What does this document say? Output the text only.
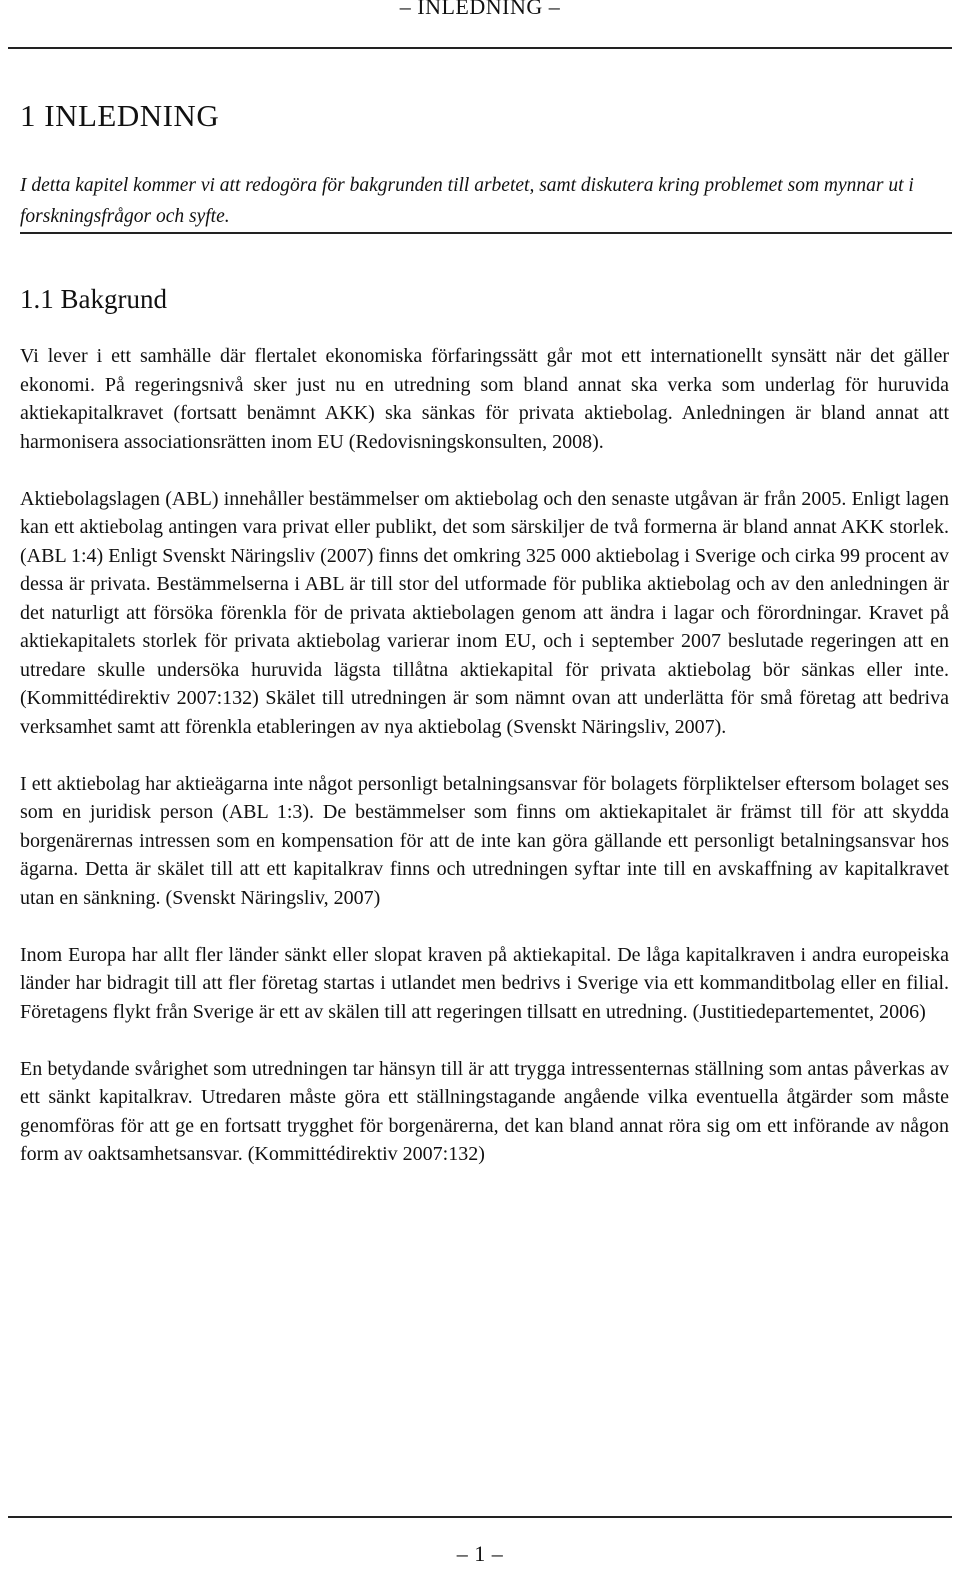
– INLEDNING –
1 INLEDNING

I detta kapitel kommer vi att redogöra för bakgrunden till arbetet, samt diskutera kring problemet som mynnar ut i forskningsfrågor och syfte.

1.1 Bakgrund

Vi lever i ett samhälle där flertalet ekonomiska förfaringssätt går mot ett internationellt synsätt när det gäller ekonomi. På regeringsnivå sker just nu en utredning som bland annat ska verka som underlag för huruvida aktiekapitalkravet (fortsatt benämnt AKK) ska sänkas för privata aktiebolag. Anledningen är bland annat att harmonisera associationsrätten inom EU (Redovisningskonsulten, 2008).

Aktiebolagslagen (ABL) innehåller bestämmelser om aktiebolag och den senaste utgåvan är från 2005. Enligt lagen kan ett aktiebolag antingen vara privat eller publikt, det som särskiljer de två formerna är bland annat AKK storlek. (ABL 1:4) Enligt Svenskt Näringsliv (2007) finns det omkring 325 000 aktiebolag i Sverige och cirka 99 procent av dessa är privata. Bestämmelserna i ABL är till stor del utformade för publika aktiebolag och av den anledningen är det naturligt att försöka förenkla för de privata aktiebolagen genom att ändra i lagar och förordningar. Kravet på aktiekapitalets storlek för privata aktiebolag varierar inom EU, och i september 2007 beslutade regeringen att en utredare skulle undersöka huruvida lägsta tillåtna aktiekapital för privata aktiebolag bör sänkas eller inte. (Kommittédirektiv 2007:132) Skälet till utredningen är som nämnt ovan att underlätta för små företag att bedriva verksamhet samt att förenkla etableringen av nya aktiebolag (Svenskt Näringsliv, 2007).

I ett aktiebolag har aktieägarna inte något personligt betalningsansvar för bolagets förpliktelser eftersom bolaget ses som en juridisk person (ABL 1:3). De bestämmelser som finns om aktiekapitalet är främst till för att skydda borgenärernas intressen som en kompensation för att de inte kan göra gällande ett personligt betalningsansvar hos ägarna. Detta är skälet till att ett kapitalkrav finns och utredningen syftar inte till en avskaffning av kapitalkravet utan en sänkning. (Svenskt Näringsliv, 2007)

Inom Europa har allt fler länder sänkt eller slopat kraven på aktiekapital. De låga kapitalkraven i andra europeiska länder har bidragit till att fler företag startas i utlandet men bedrivs i Sverige via ett kommanditbolag eller en filial. Företagens flykt från Sverige är ett av skälen till att regeringen tillsatt en utredning. (Justitiedepartementet, 2006)

En betydande svårighet som utredningen tar hänsyn till är att trygga intressenternas ställning som antas påverkas av ett sänkt kapitalkrav. Utredaren måste göra ett ställningstagande angående vilka eventuella åtgärder som måste genomföras för att ge en fortsatt trygghet för borgenärerna, det kan bland annat röra sig om ett införande av någon form av oaktsamhetsansvar. (Kommittédirektiv 2007:132)

– 1 –
